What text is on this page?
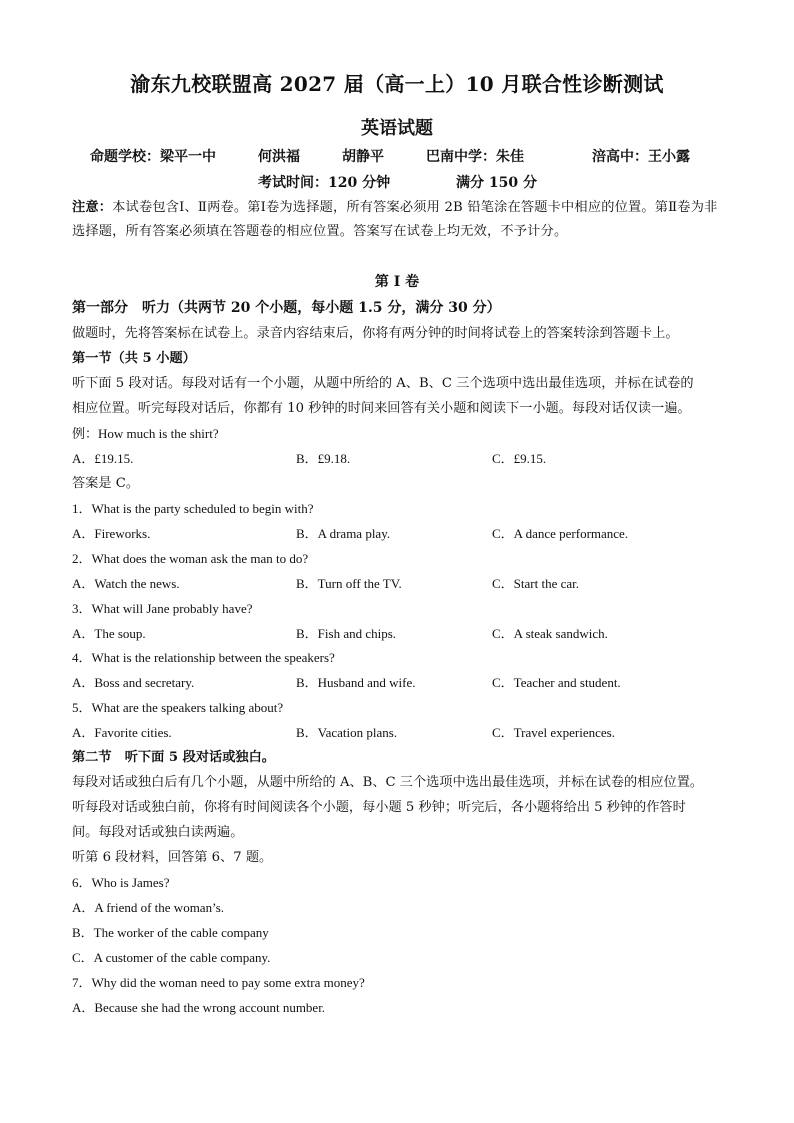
渝东九校联盟高 2027 届（高一上）10 月联合性诊断测试
英语试题
命题学校：梁平一中	何洪福	胡静平	巴南中学：朱佳	涪高中：王小露
考试时间：120 分钟	满分 150 分
注意：本试卷包含Ⅰ、Ⅱ两卷。第Ⅰ卷为选择题，所有答案必须用 2B 铅笔涂在答题卡中相应的位置。第Ⅱ卷为非选择题，所有答案必须填在答题卷的相应位置。答案写在试卷上均无效，不予计分。
第 I 卷
第一部分　听力（共两节 20 个小题，每小题 1.5 分，满分 30 分）
做题时，先将答案标在试卷上。录音内容结束后，你将有两分钟的时间将试卷上的答案转涂到答题卡上。
第一节（共 5 小题）
听下面 5 段对话。每段对话有一个小题，从题中所给的 A、B、C 三个选项中选出最佳选项，并标在试卷的
相应位置。听完每段对话后，你都有 10 秒钟的时间来回答有关小题和阅读下一小题。每段对话仅读一遍。
例：How much is the shirt?
A．£19.15.	B．£9.18.	C．£9.15.
答案是 C。
1．What is the party scheduled to begin with?
A．Fireworks.	B．A drama play.	C．A dance performance.
2．What does the woman ask the man to do?
A．Watch the news.	B．Turn off the TV.	C．Start the car.
3．What will Jane probably have?
A．The soup.	B．Fish and chips.	C．A steak sandwich.
4．What is the relationship between the speakers?
A．Boss and secretary.	B．Husband and wife.	C．Teacher and student.
5．What are the speakers talking about?
A．Favorite cities.	B．Vacation plans.	C．Travel experiences.
第二节　听下面 5 段对话或独白。
每段对话或独白后有几个小题，从题中所给的 A、B、C 三个选项中选出最佳选项，并标在试卷的相应位置。
听每段对话或独白前，你将有时间阅读各个小题，每小题 5 秒钟；听完后，各小题将给出 5 秒钟的作答时
间。每段对话或独白读两遍。
听第 6 段材料，回答第 6、7 题。
6．Who is James?
A．A friend of the woman’s.
B．The worker of the cable company
C．A customer of the cable company.
7．Why did the woman need to pay some extra money?
A．Because she had the wrong account number.
